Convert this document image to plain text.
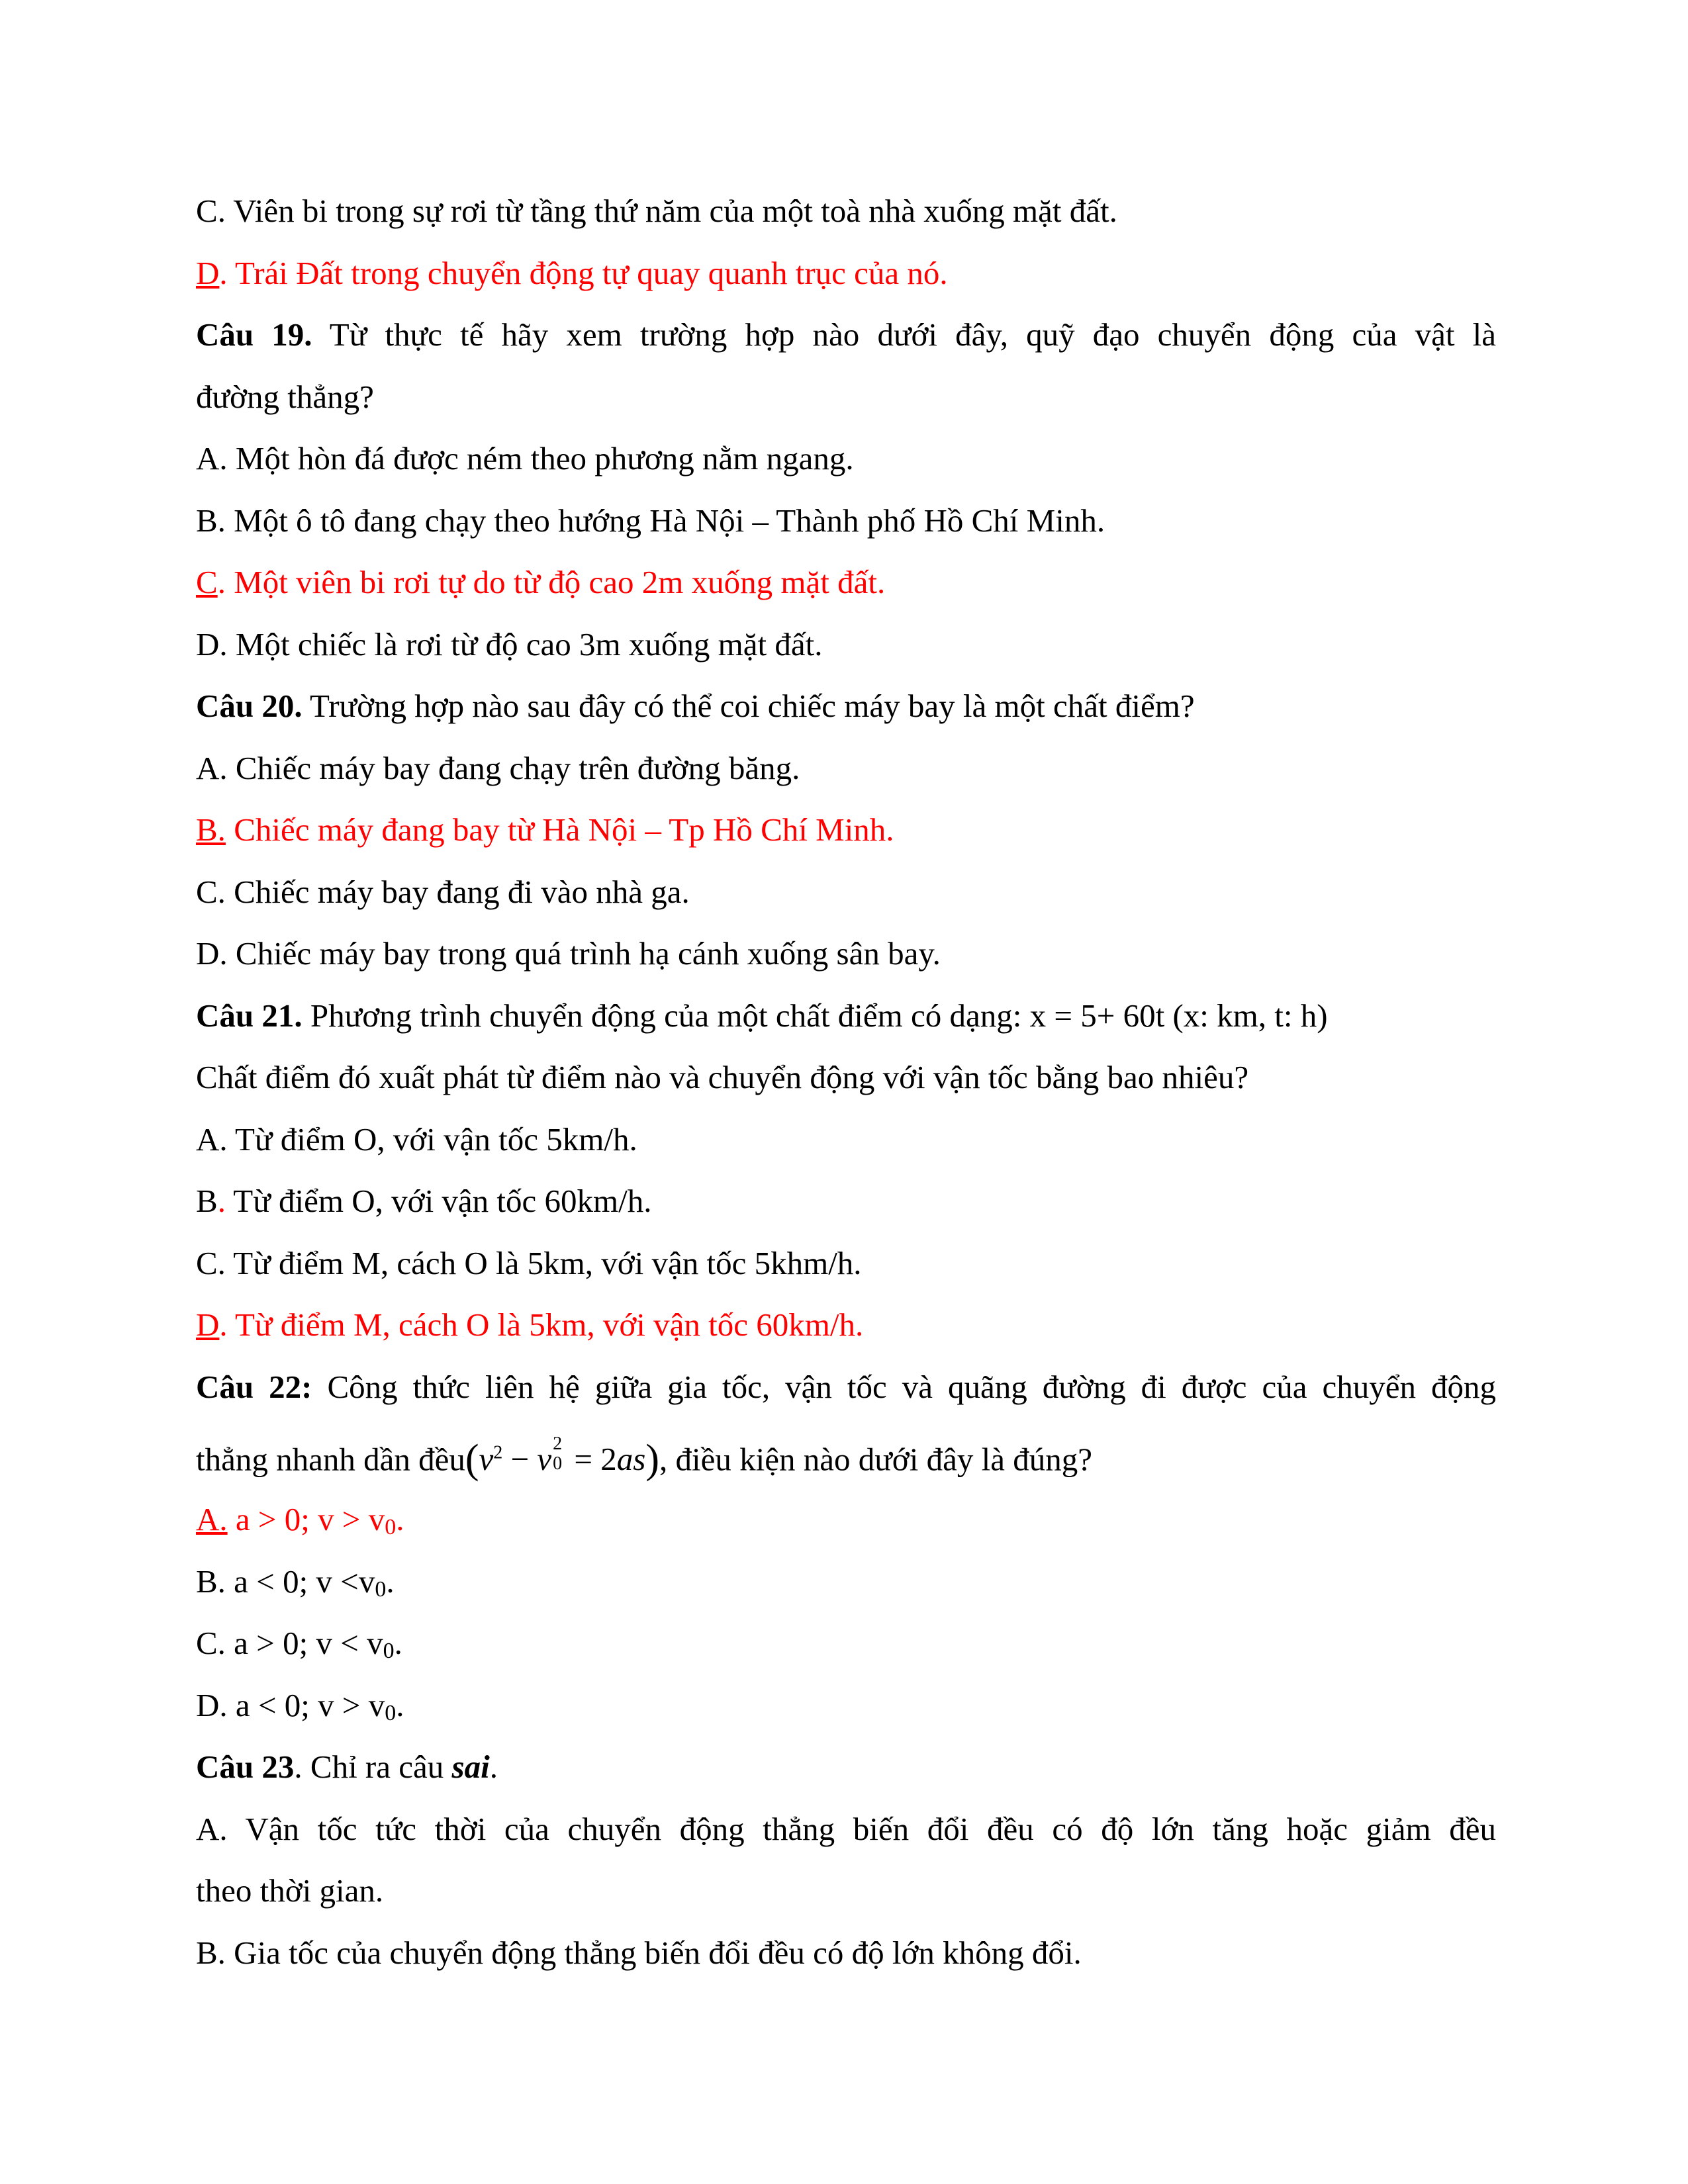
C. Viên bi trong sự rơi từ tầng thứ năm của một toà nhà xuống mặt đất.
D. Trái Đất trong chuyển động tự quay quanh trục của nó.
Câu 19. Từ thực tế hãy xem trường hợp nào dưới đây, quỹ đạo chuyển động của vật là
đường thẳng?
A. Một hòn đá được ném theo phương nằm ngang.
B. Một ô tô đang chạy theo hướng Hà Nội – Thành phố Hồ Chí Minh.
C. Một viên bi rơi tự do từ độ cao 2m xuống mặt đất.
D. Một chiếc là rơi từ độ cao 3m xuống mặt đất.
Câu 20. Trường hợp nào sau đây có thể coi chiếc máy bay là một chất điểm?
A. Chiếc máy bay đang chạy trên đường băng.
B. Chiếc máy đang bay từ Hà Nội – Tp Hồ Chí Minh.
C. Chiếc máy bay đang đi vào nhà ga.
D. Chiếc máy bay trong quá trình hạ cánh xuống sân bay.
Câu 21. Phương trình chuyển động của một chất điểm có dạng: x = 5+ 60t (x: km, t: h)
Chất điểm đó xuất phát từ điểm nào và chuyển động với vận tốc bằng bao nhiêu?
A. Từ điểm O, với vận tốc 5km/h.
B. Từ điểm O, với vận tốc 60km/h.
C. Từ điểm M, cách O là 5km, với vận tốc 5khm/h.
D. Từ điểm M, cách O là 5km, với vận tốc 60km/h.
Câu 22: Công thức liên hệ giữa gia tốc, vận tốc và quãng đường đi được của chuyển động
thẳng nhanh dần $đều(v^2 - v$ 2
0 = 2as), điều kiện nào dưới đây là đúng?
A. a > 0; v > v0.
B. a < 0; v <v0.
C. a > 0; v < v0.
D. a < 0; v > v0.
Câu 23. Chỉ ra câu sai.
A. Vận tốc tức thời của chuyển động thẳng biến đổi đều có độ lớn tăng hoặc giảm đều
theo thời gian.
B. Gia tốc của chuyển động thẳng biến đổi đều có độ lớn không đổi.
